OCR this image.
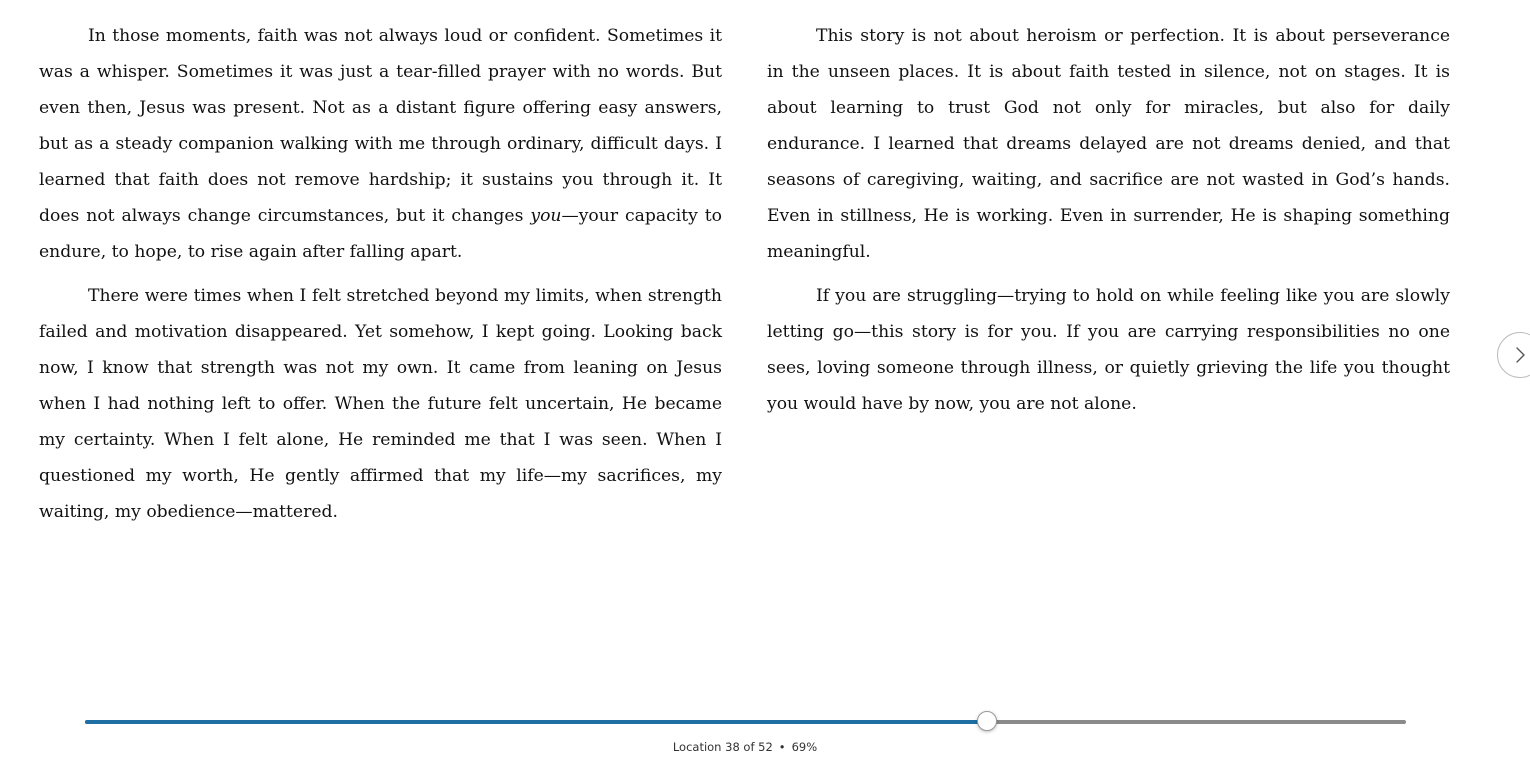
In those moments, faith was not always loud or confident. Sometimes it was a whisper. Sometimes it was just a tear-filled prayer with no words. But even then, Jesus was present. Not as a distant figure offering easy answers, but as a steady companion walking with me through ordinary, difficult days. I learned that faith does not remove hardship; it sustains you through it. It does not always change circumstances, but it changes you—your capacity to endure, to hope, to rise again after falling apart.

There were times when I felt stretched beyond my limits, when strength failed and motivation disappeared. Yet somehow, I kept going. Looking back now, I know that strength was not my own. It came from leaning on Jesus when I had nothing left to offer. When the future felt uncertain, He became my certainty. When I felt alone, He reminded me that I was seen. When I questioned my worth, He gently affirmed that my life—my sacrifices, my waiting, my obedience—mattered.

This story is not about heroism or perfection. It is about perseverance in the unseen places. It is about faith tested in silence, not on stages. It is about learning to trust God not only for miracles, but also for daily endurance. I learned that dreams delayed are not dreams denied, and that seasons of caregiving, waiting, and sacrifice are not wasted in God’s hands. Even in stillness, He is working. Even in surrender, He is shaping something meaningful.

If you are struggling—trying to hold on while feeling like you are slowly letting go—this story is for you. If you are carrying responsibilities no one sees, loving someone through illness, or quietly grieving the life you thought you would have by now, you are not alone.

Location 38 of 52 • 69%
